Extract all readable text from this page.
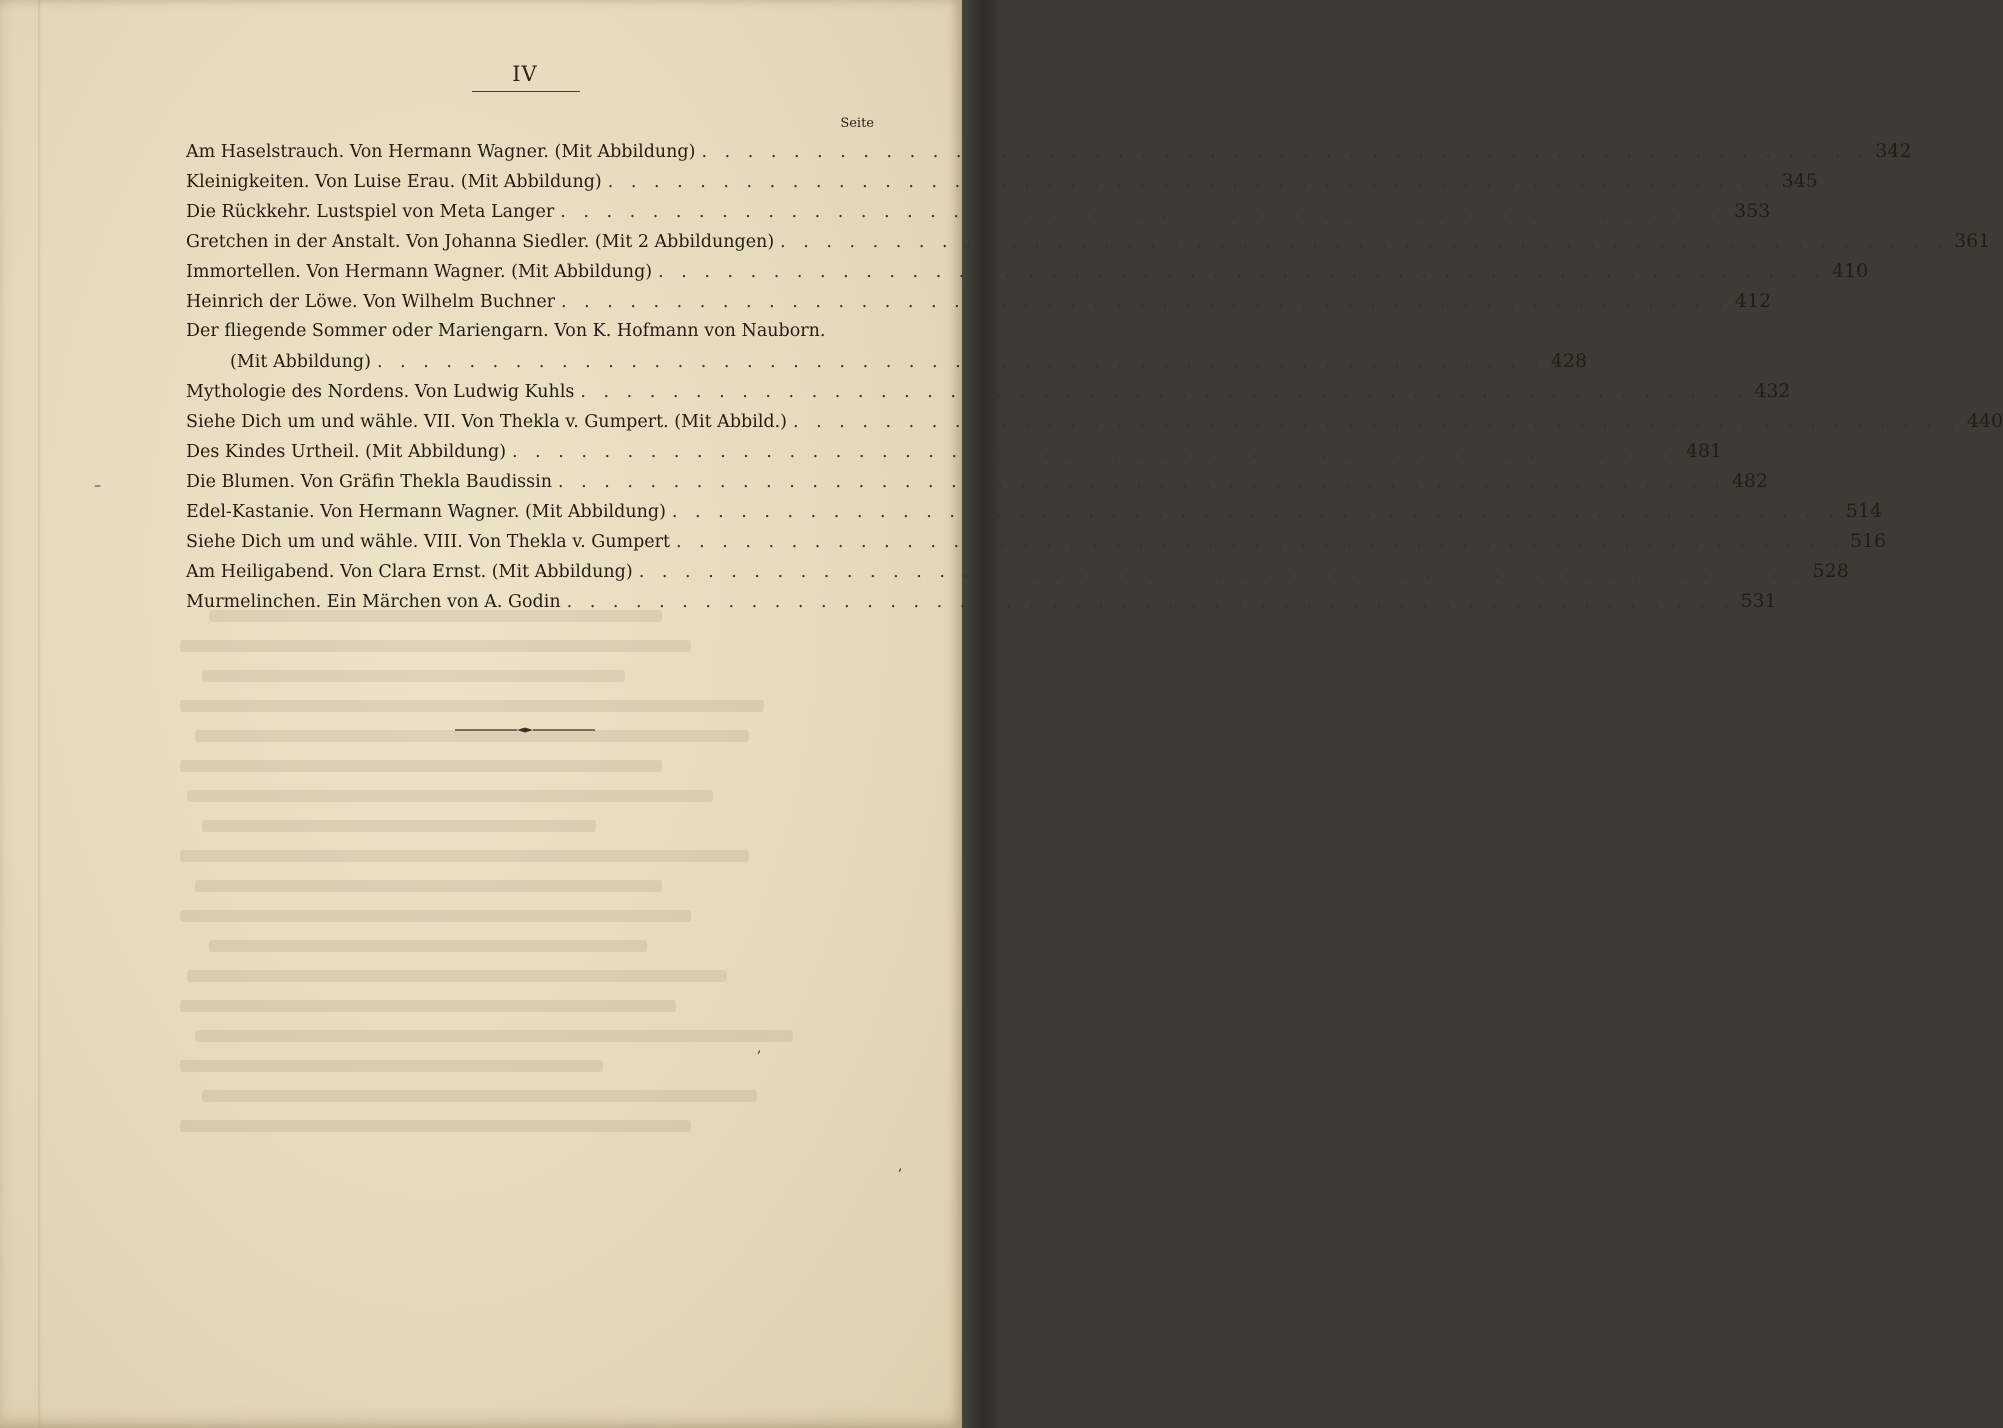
IV
Seite
Am Haselstrauch. Von Hermann Wagner. (Mit Abbildung) . . . . . . . . . . . . . . . . . . . . . . . . . . . . . . . . . . . . . . . . . . . . . . . . . . . 342
Kleinigkeiten. Von Luise Erau. (Mit Abbildung) . . . . . . . . . . . . . . . . . . . . . . . . . . . . . . . . . . . . . . . . . . . . . . . . . . . 345
Die Rückkehr. Lustspiel von Meta Langer . . . . . . . . . . . . . . . . . . . . . . . . . . . . . . . . . . . . . . . . . . . . . . . . . . . 353
Gretchen in der Anstalt. Von Johanna Siedler. (Mit 2 Abbildungen) . . . . . . . . . . . . . . . . . . . . . . . . . . . . . . . . . . . . . . . . . . . . . . . . . . . 361
Immortellen. Von Hermann Wagner. (Mit Abbildung) . . . . . . . . . . . . . . . . . . . . . . . . . . . . . . . . . . . . . . . . . . . . . . . . . . . 410
Heinrich der Löwe. Von Wilhelm Buchner . . . . . . . . . . . . . . . . . . . . . . . . . . . . . . . . . . . . . . . . . . . . . . . . . . . 412
Der fliegende Sommer oder Mariengarn. Von K. Hofmann von Nauborn.
(Mit Abbildung) . . . . . . . . . . . . . . . . . . . . . . . . . . . . . . . . . . . . . . . . . . . . . . . . . . . 428
Mythologie des Nordens. Von Ludwig Kuhls . . . . . . . . . . . . . . . . . . . . . . . . . . . . . . . . . . . . . . . . . . . . . . . . . . . 432
Siehe Dich um und wähle. VII. Von Thekla v. Gumpert. (Mit Abbild.) . . . . . . . . . . . . . . . . . . . . . . . . . . . . . . . . . . . . . . . . . . . . . . . . . . . 440
Des Kindes Urtheil. (Mit Abbildung) . . . . . . . . . . . . . . . . . . . . . . . . . . . . . . . . . . . . . . . . . . . . . . . . . . . 481
Die Blumen. Von Gräfin Thekla Baudissin . . . . . . . . . . . . . . . . . . . . . . . . . . . . . . . . . . . . . . . . . . . . . . . . . . . 482
Edel-Kastanie. Von Hermann Wagner. (Mit Abbildung) . . . . . . . . . . . . . . . . . . . . . . . . . . . . . . . . . . . . . . . . . . . . . . . . . . . 514
Siehe Dich um und wähle. VIII. Von Thekla v. Gumpert . . . . . . . . . . . . . . . . . . . . . . . . . . . . . . . . . . . . . . . . . . . . . . . . . . . 516
Am Heiligabend. Von Clara Ernst. (Mit Abbildung) . . . . . . . . . . . . . . . . . . . . . . . . . . . . . . . . . . . . . . . . . . . . . . . . . . . 528
Murmelinchen. Ein Märchen von A. Godin . . . . . . . . . . . . . . . . . . . . . . . . . . . . . . . . . . . . . . . . . . . . . . . . . . . 531
–
,
,
